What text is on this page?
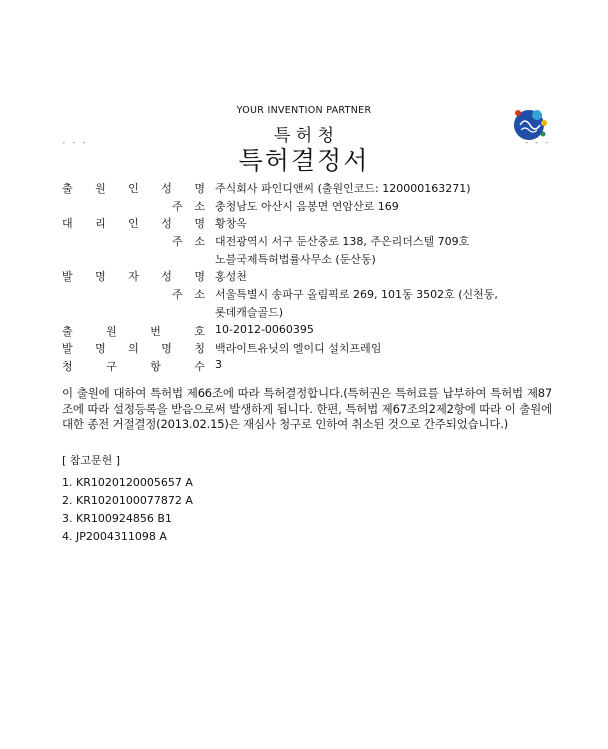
YOUR INVENTION PARTNER
특 허 청
특허결정서
- - -	- - -
출 원 인 성 명 주식회사 파인디앤씨 (출원인코드: 120000163271)
주 소 충청남도 아산시 음봉면 연암산로 169
대 리 인 성 명 황창옥
주 소 대전광역시 서구 둔산중로 138, 주은리더스텔 709호
노블국제특허법률사무소 (둔산동)
발 명 자 성 명 홍성천
주 소 서울특별시 송파구 올림픽로 269, 101동 3502호 (신천동,
롯데캐슬골드)
출	원	번	호 10-2012-0060395
발 명 의 명 칭 백라이트유닛의 엘이디 설치프레임
청	구	항	수 3
이 출원에 대하여 특허법 제66조에 따라 특허결정합니다.(특허권은 특허료를 납부하여 특허법 제87조에 따라 설정등록을 받음으로써 발생하게 됩니다. 한편, 특허법 제67조의2제2항에 따라 이 출원에 대한 종전 거절결정(2013.02.15)은 재심사 청구로 인하여 취소된 것으로 간주되었습니다.)
[ 참고문헌 ]
1. KR1020120005657 A
2. KR1020100077872 A
3. KR100924856 B1
4. JP2004311098 A
